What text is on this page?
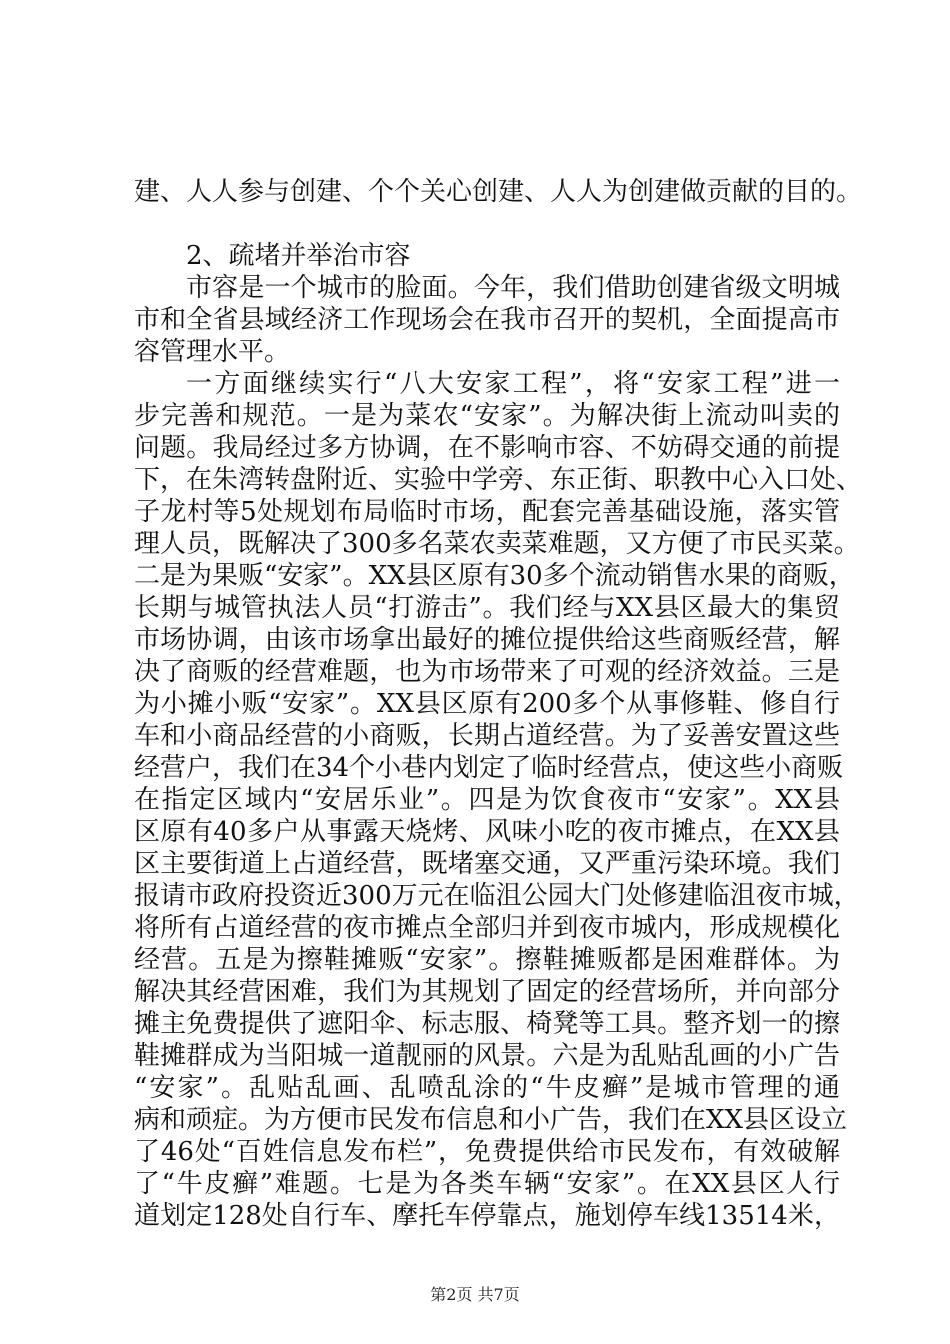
建、人人参与创建、个个关心创建、人人为创建做贡献的目的。
2、疏堵并举治市容
市容是一个城市的脸面。今年，我们借助创建省级文明城
市和全省县域经济工作现场会在我市召开的契机，全面提高市
容管理水平。
一方面继续实行“八大安家工程”，将“安家工程”进一
步完善和规范。一是为菜农“安家”。为解决街上流动叫卖的
问题。我局经过多方协调，在不影响市容、不妨碍交通的前提
下，在朱湾转盘附近、实验中学旁、东正街、职教中心入口处、
子龙村等5处规划布局临时市场，配套完善基础设施，落实管
理人员，既解决了300多名菜农卖菜难题，又方便了市民买菜。
二是为果贩“安家”。XX县区原有30多个流动销售水果的商贩，
长期与城管执法人员“打游击”。我们经与XX县区最大的集贸
市场协调，由该市场拿出最好的摊位提供给这些商贩经营，解
决了商贩的经营难题，也为市场带来了可观的经济效益。三是
为小摊小贩“安家”。XX县区原有200多个从事修鞋、修自行
车和小商品经营的小商贩，长期占道经营。为了妥善安置这些
经营户，我们在34个小巷内划定了临时经营点，使这些小商贩
在指定区域内“安居乐业”。四是为饮食夜市“安家”。XX县
区原有40多户从事露天烧烤、风味小吃的夜市摊点，在XX县
区主要街道上占道经营，既堵塞交通，又严重污染环境。我们
报请市政府投资近300万元在临沮公园大门处修建临沮夜市城，
将所有占道经营的夜市摊点全部归并到夜市城内，形成规模化
经营。五是为擦鞋摊贩“安家”。擦鞋摊贩都是困难群体。为
解决其经营困难，我们为其规划了固定的经营场所，并向部分
摊主免费提供了遮阳伞、标志服、椅凳等工具。整齐划一的擦
鞋摊群成为当阳城一道靓丽的风景。六是为乱贴乱画的小广告
“安家”。乱贴乱画、乱喷乱涂的“牛皮癣”是城市管理的通
病和顽症。为方便市民发布信息和小广告，我们在XX县区设立
了46处“百姓信息发布栏”，免费提供给市民发布，有效破解
了“牛皮癣”难题。七是为各类车辆“安家”。在XX县区人行
道划定128处自行车、摩托车停靠点，施划停车线13514米，
第2页 共7页
